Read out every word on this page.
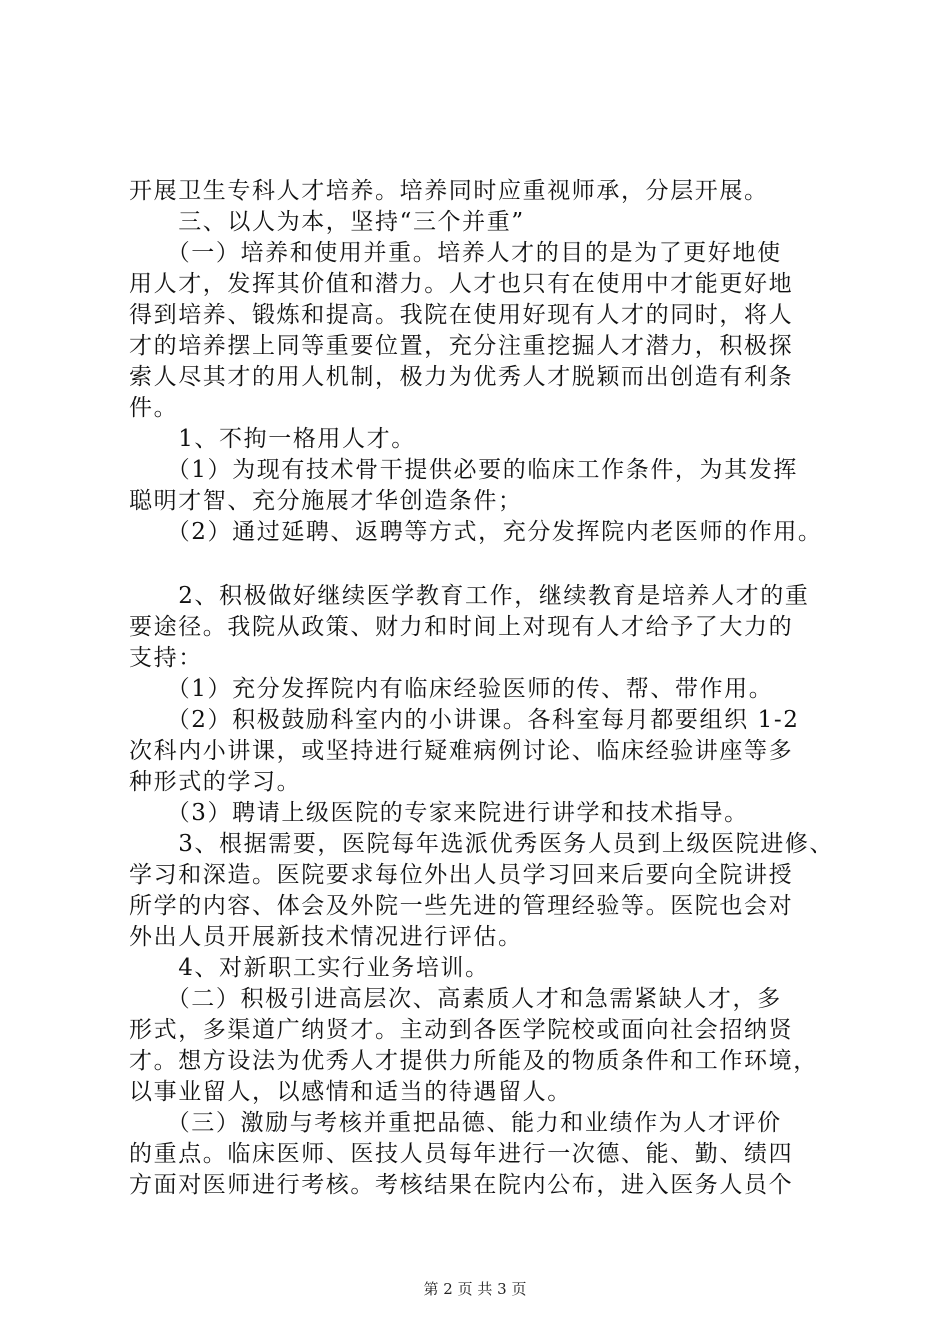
开展卫生专科人才培养。培养同时应重视师承，分层开展。
　　三、以人为本，坚持“三个并重”
　　（一）培养和使用并重。培养人才的目的是为了更好地使
用人才，发挥其价值和潜力。人才也只有在使用中才能更好地
得到培养、锻炼和提高。我院在使用好现有人才的同时，将人
才的培养摆上同等重要位置，充分注重挖掘人才潜力，积极探
索人尽其才的用人机制，极力为优秀人才脱颖而出创造有利条
件。
　　1、不拘一格用人才。
　　（1）为现有技术骨干提供必要的临床工作条件，为其发挥
聪明才智、充分施展才华创造条件；
　　（2）通过延聘、返聘等方式，充分发挥院内老医师的作用。
　　2、积极做好继续医学教育工作，继续教育是培养人才的重
要途径。我院从政策、财力和时间上对现有人才给予了大力的
支持：
　　（1）充分发挥院内有临床经验医师的传、帮、带作用。
　　（2）积极鼓励科室内的小讲课。各科室每月都要组织 1-2
次科内小讲课，或坚持进行疑难病例讨论、临床经验讲座等多
种形式的学习。
　　（3）聘请上级医院的专家来院进行讲学和技术指导。
　　3、根据需要，医院每年选派优秀医务人员到上级医院进修、
学习和深造。医院要求每位外出人员学习回来后要向全院讲授
所学的内容、体会及外院一些先进的管理经验等。医院也会对
外出人员开展新技术情况进行评估。
　　4、对新职工实行业务培训。
　　（二）积极引进高层次、高素质人才和急需紧缺人才，多
形式，多渠道广纳贤才。主动到各医学院校或面向社会招纳贤
才。想方设法为优秀人才提供力所能及的物质条件和工作环境，
以事业留人，以感情和适当的待遇留人。
　　（三）激励与考核并重把品德、能力和业绩作为人才评价
的重点。临床医师、医技人员每年进行一次德、能、勤、绩四
方面对医师进行考核。考核结果在院内公布，进入医务人员个
第 2 页 共 3 页
